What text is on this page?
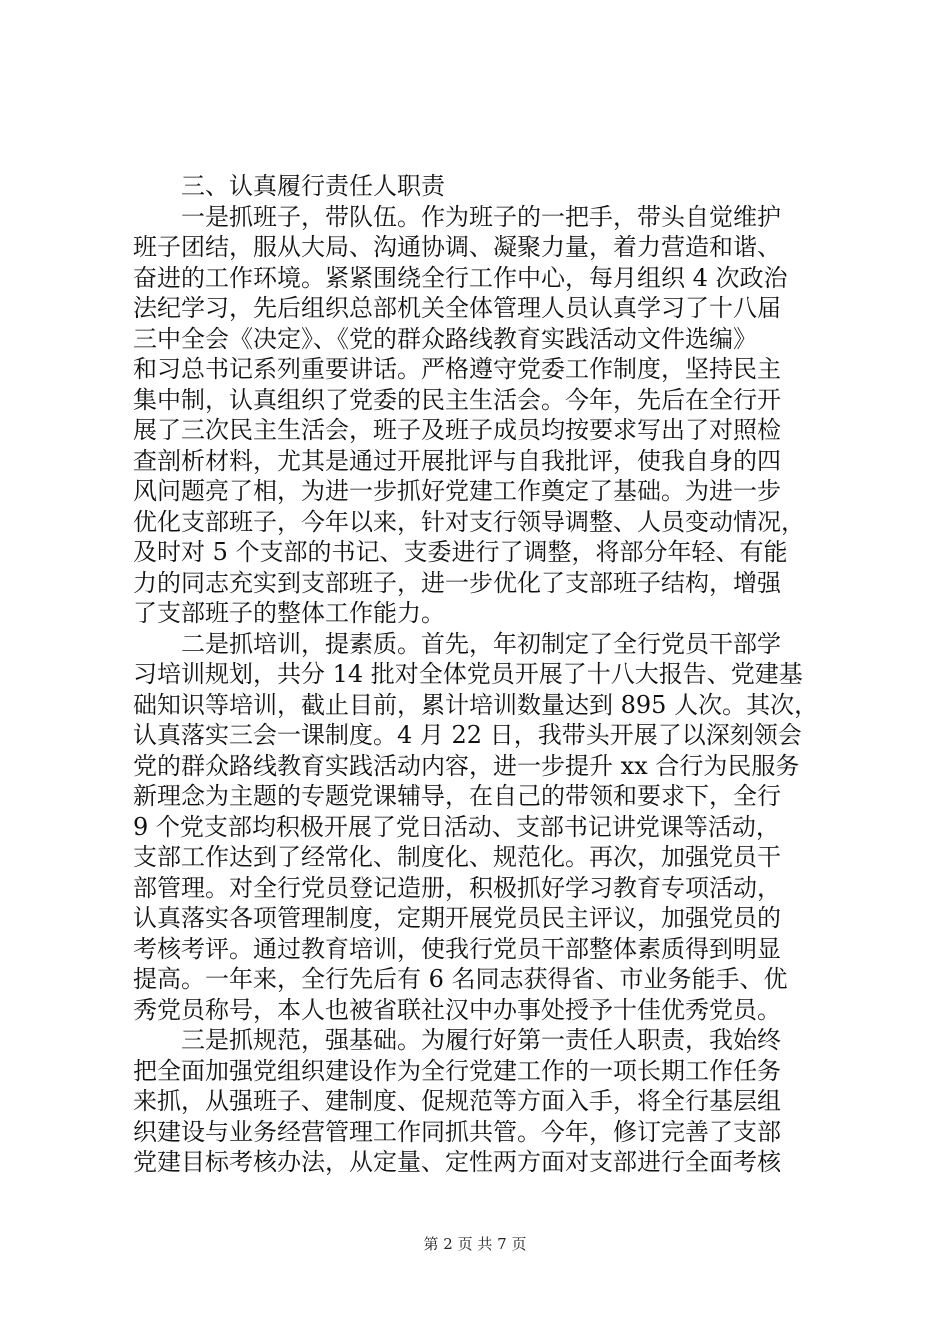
三、认真履行责任人职责
一是抓班子，带队伍。作为班子的一把手，带头自觉维护
班子团结，服从大局、沟通协调、凝聚力量，着力营造和谐、
奋进的工作环境。紧紧围绕全行工作中心，每月组织 4 次政治
法纪学习，先后组织总部机关全体管理人员认真学习了十八届
三中全会《决定》、《党的群众路线教育实践活动文件选编》
和习总书记系列重要讲话。严格遵守党委工作制度，坚持民主
集中制，认真组织了党委的民主生活会。今年，先后在全行开
展了三次民主生活会，班子及班子成员均按要求写出了对照检
查剖析材料，尤其是通过开展批评与自我批评，使我自身的四
风问题亮了相，为进一步抓好党建工作奠定了基础。为进一步
优化支部班子，今年以来，针对支行领导调整、人员变动情况，
及时对 5 个支部的书记、支委进行了调整，将部分年轻、有能
力的同志充实到支部班子，进一步优化了支部班子结构，增强
了支部班子的整体工作能力。
二是抓培训，提素质。首先，年初制定了全行党员干部学
习培训规划，共分 14 批对全体党员开展了十八大报告、党建基
础知识等培训，截止目前，累计培训数量达到 895 人次。其次，
认真落实三会一课制度。4 月 22 日，我带头开展了以深刻领会
党的群众路线教育实践活动内容，进一步提升 xx 合行为民服务
新理念为主题的专题党课辅导，在自己的带领和要求下，全行
9 个党支部均积极开展了党日活动、支部书记讲党课等活动，
支部工作达到了经常化、制度化、规范化。再次，加强党员干
部管理。对全行党员登记造册，积极抓好学习教育专项活动，
认真落实各项管理制度，定期开展党员民主评议，加强党员的
考核考评。通过教育培训，使我行党员干部整体素质得到明显
提高。一年来，全行先后有 6 名同志获得省、市业务能手、优
秀党员称号，本人也被省联社汉中办事处授予十佳优秀党员。
三是抓规范，强基础。为履行好第一责任人职责，我始终
把全面加强党组织建设作为全行党建工作的一项长期工作任务
来抓，从强班子、建制度、促规范等方面入手，将全行基层组
织建设与业务经营管理工作同抓共管。今年，修订完善了支部
党建目标考核办法，从定量、定性两方面对支部进行全面考核
第 2 页 共 7 页
